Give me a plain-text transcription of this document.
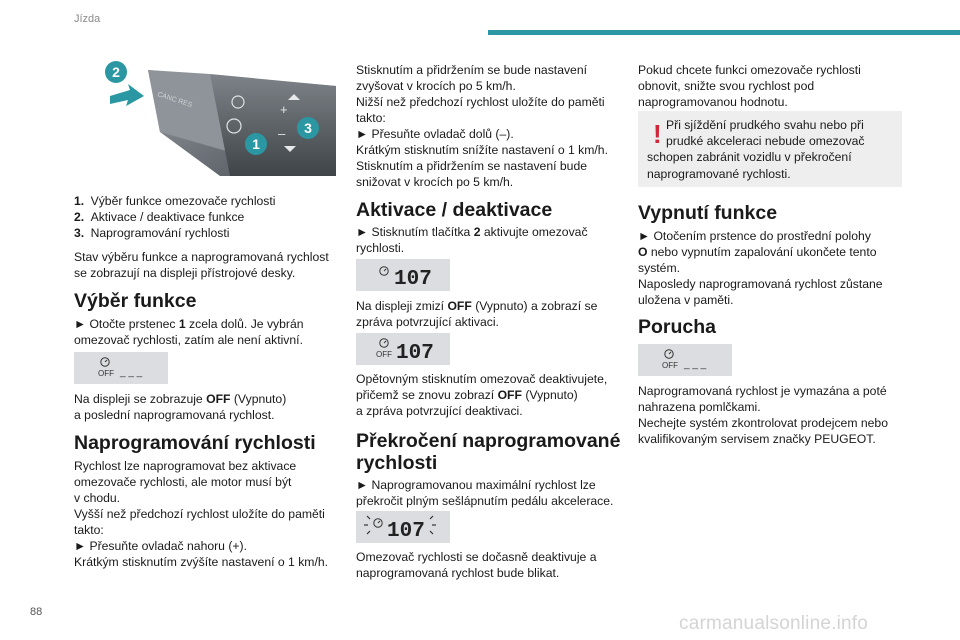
Jízda
88
carmanualsonline.info
CANC RES
+
–
2
1
3
1. Výběr funkce omezovače rychlosti
2. Aktivace / deaktivace funkce
3. Naprogramování rychlosti

Stav výběru funkce a naprogramovaná rychlost

se zobrazují na displeji přístrojové desky.

Výběr funkce

► Otočte prstenec 1 zcela dolů. Je vybrán

omezovač rychlosti, zatím ale není aktivní.

OFF _ _ _

Na displeji se zobrazuje OFF (Vypnuto)

a poslední naprogramovaná rychlost.

Naprogramování rychlosti

Rychlost lze naprogramovat bez aktivace

omezovače rychlosti, ale motor musí být

v chodu.

Vyšší než předchozí rychlost uložíte do paměti

takto:

► Přesuňte ovladač nahoru (+).

Krátkým stisknutím zvýšíte nastavení o 1 km/h.

Stisknutím a přidržením se bude nastavení

zvyšovat v krocích po 5 km/h.

Nižší než předchozí rychlost uložíte do paměti

takto:

► Přesuňte ovladač dolů (–).

Krátkým stisknutím snížíte nastavení o 1 km/h.

Stisknutím a přidržením se nastavení bude

snižovat v krocích po 5 km/h.

Aktivace / deaktivace

► Stisknutím tlačítka 2 aktivujte omezovač

rychlosti.

107

Na displeji zmizí OFF (Vypnuto) a zobrazí se

zpráva potvrzující aktivaci.

OFF 107

Opětovným stisknutím omezovač deaktivujete,

přičemž se znovu zobrazí OFF (Vypnuto)

a zpráva potvrzující deaktivaci.

Překročení naprogramované
rychlosti

► Naprogramovanou maximální rychlost lze

překročit plným sešlápnutím pedálu akcelerace.

107

Omezovač rychlosti se dočasně deaktivuje a

naprogramovaná rychlost bude blikat.

Pokud chcete funkci omezovače rychlosti

obnovit, snižte svou rychlost pod

naprogramovanou hodnotu.

! Při sjíždění prudkého svahu nebo při
prudké akceleraci nebude omezovač
schopen zabránit vozidlu v překročení
naprogramované rychlosti.
Vypnutí funkce

► Otočením prstence do prostřední polohy

O nebo vypnutím zapalování ukončete tento

systém.

Naposledy naprogramovaná rychlost zůstane

uložena v paměti.

Porucha
OFF _ _ _

Naprogramovaná rychlost je vymazána a poté

nahrazena pomlčkami.

Nechejte systém zkontrolovat prodejcem nebo

kvalifikovaným servisem značky PEUGEOT.
